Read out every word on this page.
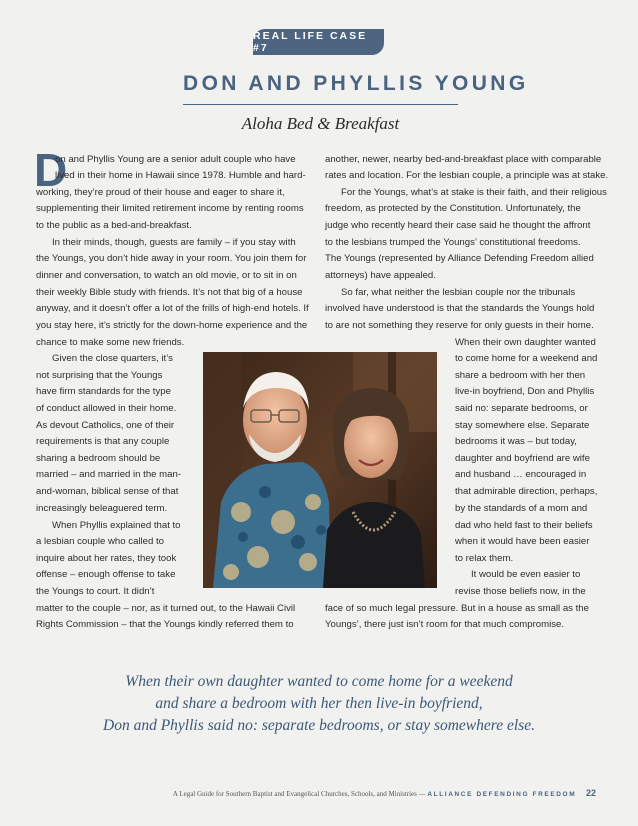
REAL LIFE CASE #7
DON AND PHYLLIS YOUNG
Aloha Bed & Breakfast
D
on and Phyllis Young are a senior adult couple who have
lived in their home in Hawaii since 1978. Humble and hard-
working, they’re proud of their house and eager to share it,
supplementing their limited retirement income by renting rooms
to the public as a bed-and-breakfast.
In their minds, though, guests are family – if you stay with
the Youngs, you don’t hide away in your room. You join them for
dinner and conversation, to watch an old movie, or to sit in on
their weekly Bible study with friends. It’s not that big of a house
anyway, and it doesn’t offer a lot of the frills of high-end hotels. If
you stay here, it’s strictly for the down-home experience and the
chance to make some new friends.
Given the close quarters, it’s
not surprising that the Youngs
have firm standards for the type
of conduct allowed in their home.
As devout Catholics, one of their
requirements is that any couple
sharing a bedroom should be
married – and married in the man-
and-woman, biblical sense of that
increasingly beleaguered term.
When Phyllis explained that to
a lesbian couple who called to
inquire about her rates, they took
offense – enough offense to take
the Youngs to court. It didn’t
matter to the couple – nor, as it turned out, to the Hawaii Civil
Rights Commission – that the Youngs kindly referred them to
another, newer, nearby bed-and-breakfast place with comparable
rates and location. For the lesbian couple, a principle was at stake.
For the Youngs, what’s at stake is their faith, and their religious
freedom, as protected by the Constitution. Unfortunately, the
judge who recently heard their case said he thought the affront
to the lesbians trumped the Youngs’ constitutional freedoms.
The Youngs (represented by Alliance Defending Freedom allied
attorneys) have appealed.
So far, what neither the lesbian couple nor the tribunals
involved have understood is that the standards the Youngs hold
to are not something they reserve for only guests in their home.
When their own daughter wanted
to come home for a weekend and
share a bedroom with her then
live-in boyfriend, Don and Phyllis
said no: separate bedrooms, or
stay somewhere else. Separate
bedrooms it was – but today,
daughter and boyfriend are wife
and husband … encouraged in
that admirable direction, perhaps,
by the standards of a mom and
dad who held fast to their beliefs
when it would have been easier
to relax them.
It would be even easier to
revise those beliefs now, in the
face of so much legal pressure. But in a house as small as the
Youngs’, there just isn’t room for that much compromise.
When their own daughter wanted to come home for a weekend
and share a bedroom with her then live-in boyfriend,
Don and Phyllis said no: separate bedrooms, or stay somewhere else.
A Legal Guide for Southern Baptist and Evangelical Churches, Schools, and Ministries — ALLIANCE DEFENDING FREEDOM 22
